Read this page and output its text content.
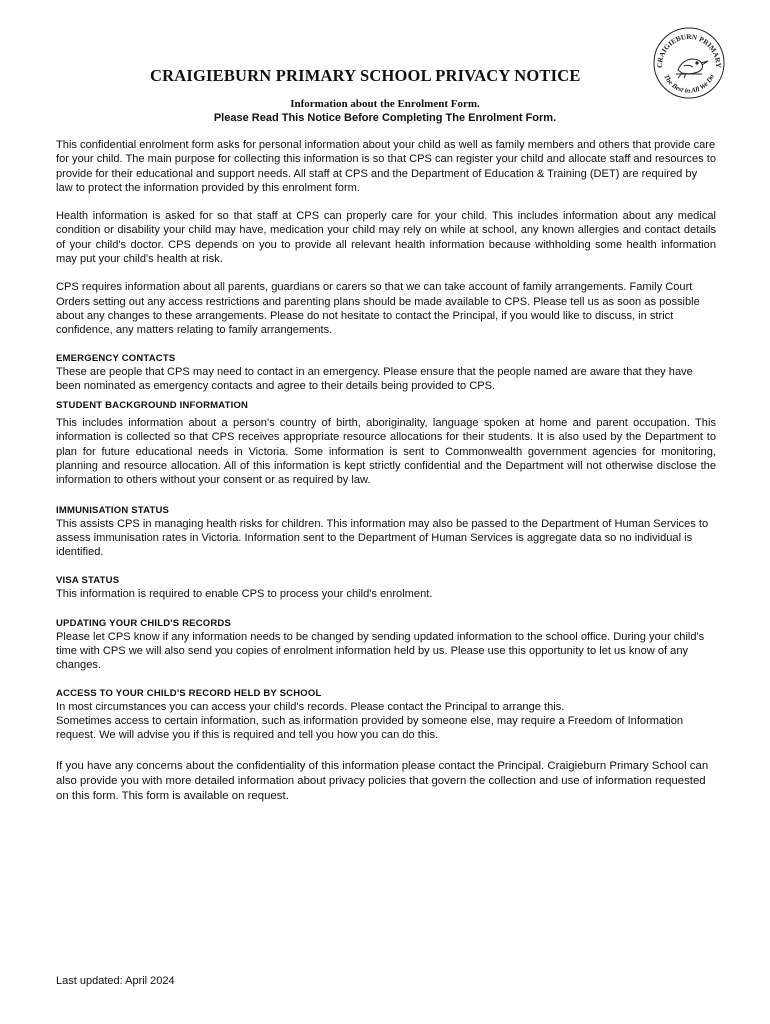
CRAIGIEBURN PRIMARY
The Best in All We Do
CRAIGIEBURN PRIMARY SCHOOL PRIVACY NOTICE
Information about the Enrolment Form.
Please Read This Notice Before Completing The Enrolment Form.

This confidential enrolment form asks for personal information about your child as well as family members and others that provide care for your child. The main purpose for collecting this information is so that CPS can register your child and allocate staff and resources to provide for their educational and support needs. All staff at CPS and the Department of Education & Training (DET) are required by law to protect the information provided by this enrolment form.

Health information is asked for so that staff at CPS can properly care for your child. This includes information about any medical condition or disability your child may have, medication your child may rely on while at school, any known allergies and contact details of your child's doctor. CPS depends on you to provide all relevant health information because withholding some health information may put your child's health at risk.

CPS requires information about all parents, guardians or carers so that we can take account of family arrangements. Family Court Orders setting out any access restrictions and parenting plans should be made available to CPS. Please tell us as soon as possible about any changes to these arrangements. Please do not hesitate to contact the Principal, if you would like to discuss, in strict confidence, any matters relating to family arrangements.

EMERGENCY CONTACTS

These are people that CPS may need to contact in an emergency. Please ensure that the people named are aware that they have been nominated as emergency contacts and agree to their details being provided to CPS.

STUDENT BACKGROUND INFORMATION

This includes information about a person's country of birth, aboriginality, language spoken at home and parent occupation. This information is collected so that CPS receives appropriate resource allocations for their students. It is also used by the Department to plan for future educational needs in Victoria. Some information is sent to Commonwealth government agencies for monitoring, planning and resource allocation. All of this information is kept strictly confidential and the Department will not otherwise disclose the information to others without your consent or as required by law.

IMMUNISATION STATUS

This assists CPS in managing health risks for children. This information may also be passed to the Department of Human Services to assess immunisation rates in Victoria. Information sent to the Department of Human Services is aggregate data so no individual is identified.

VISA STATUS

This information is required to enable CPS to process your child's enrolment.

UPDATING YOUR CHILD'S RECORDS

Please let CPS know if any information needs to be changed by sending updated information to the school office. During your child's time with CPS we will also send you copies of enrolment information held by us. Please use this opportunity to let us know of any changes.

ACCESS TO YOUR CHILD'S RECORD HELD BY SCHOOL

In most circumstances you can access your child's records. Please contact the Principal to arrange this.

Sometimes access to certain information, such as information provided by someone else, may require a Freedom of Information request. We will advise you if this is required and tell you how you can do this.

If you have any concerns about the confidentiality of this information please contact the Principal. Craigieburn Primary School can also provide you with more detailed information about privacy policies that govern the collection and use of information requested on this form. This form is available on request.

Last updated: April 2024
